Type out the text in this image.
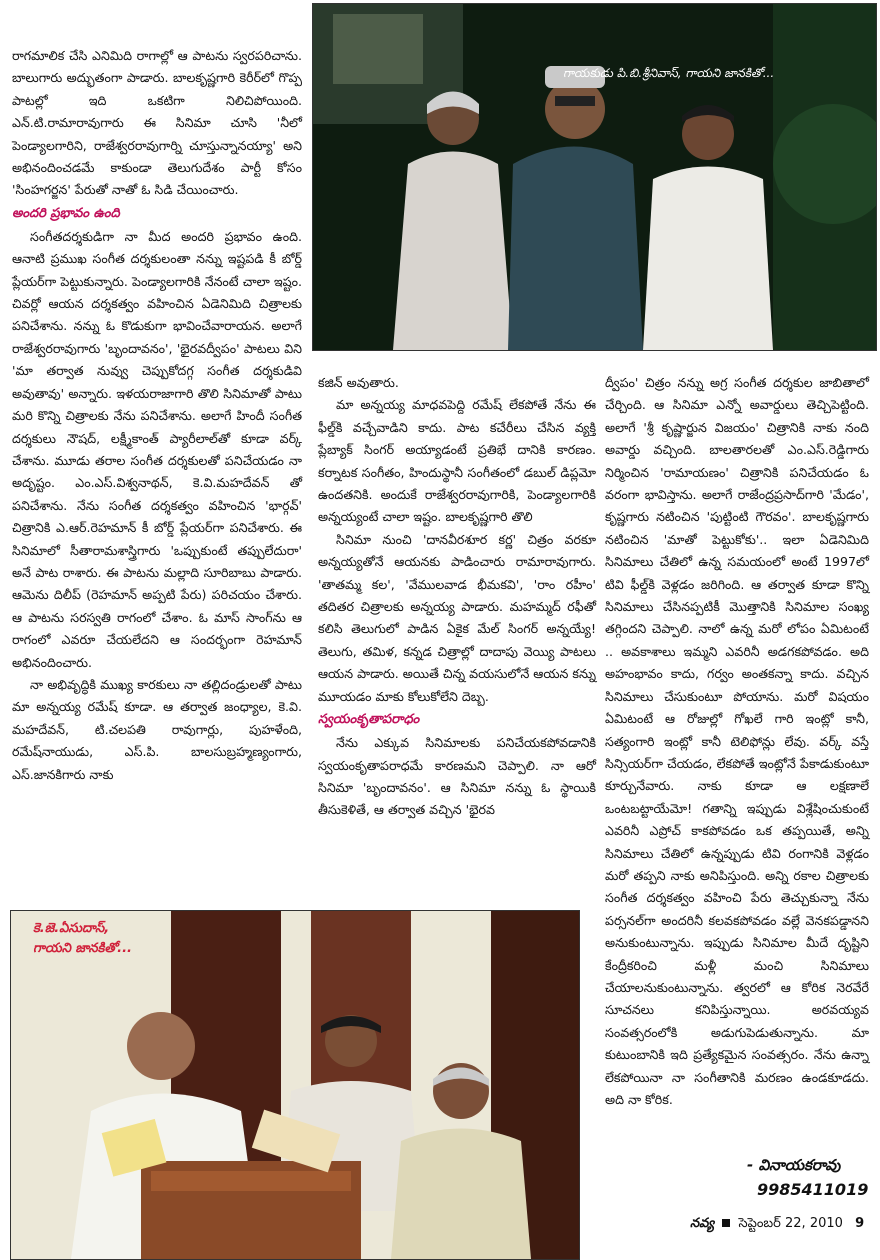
గాయకుడు పి.బి.శ్రీనివాస్, గాయని జానకితో...

రాగమాలిక చేసి ఎనిమిది రాగాల్లో ఆ పాటను స్వరపరిచాను. బాలుగారు అద్భుతంగా పాడారు. బాలకృష్ణగారి కెరీర్‌లో గొప్ప పాటల్లో ఇది ఒకటిగా నిలిచిపోయింది. ఎన్.టి.రామారావుగారు ఈ సినిమా చూసి 'నీలో పెండ్యాలగారిని, రాజేశ్వరరావుగార్ని చూస్తున్నానయ్యా' అని అభినందించడమే కాకుండా తెలుగుదేశం పార్టీ కోసం 'సింహగర్జన' పేరుతో నాతో ఓ సిడి చేయించారు.

అందరి ప్రభావం ఉంది

సంగీతదర్శకుడిగా నా మీద అందరి ప్రభావం ఉంది. ఆనాటి ప్రముఖ సంగీత దర్శకులంతా నన్ను ఇష్టపడి కీ బోర్డ్ ప్లేయర్‌గా పెట్టుకున్నారు. పెండ్యాలగారికి నేనంటే చాలా ఇష్టం. చివర్లో ఆయన దర్శకత్వం వహించిన ఏడెనిమిది చిత్రాలకు పనిచేశాను. నన్ను ఓ కొడుకుగా భావించేవారాయన. అలాగే రాజేశ్వరరావుగారు 'బృందావనం', 'భైరవద్వీపం' పాటలు విని 'మా తర్వాత నువ్వు చెప్పుకోదగ్గ సంగీత దర్శకుడివి అవుతావు' అన్నారు. ఇళయరాజాగారి తొలి సినిమాతో పాటు మరి కొన్ని చిత్రాలకు నేను పనిచేశాను. అలాగే హిందీ సంగీత దర్శకులు నౌషద్, లక్ష్మీకాంత్ ప్యారీలాల్‌తో కూడా వర్క్ చేశాను. మూడు తరాల సంగీత దర్శకులతో పనిచేయడం నా అదృష్టం. ఎం.ఎస్.విశ్వనాథన్, కె.వి.మహదేవన్ తో పనిచేశాను. నేను సంగీత దర్శకత్వం వహించిన 'భార్గవ్' చిత్రానికి ఎ.ఆర్.రెహమాన్ కీ బోర్డ్ ప్లేయర్‌గా పనిచేశారు. ఈ సినిమాలో సీతారామశాస్త్రిగారు 'ఒప్పుకుంటే తప్పులేదురా' అనే పాట రాశారు. ఈ పాటను మల్లాది సూరిబాబు పాడారు. ఆమెను దిలీప్ (రెహమాన్ అప్పటి పేరు) పరిచయం చేశారు. ఆ పాటను సరస్వతి రాగంలో చేశాం. ఓ మాస్ సాంగ్‌ను ఆ రాగంలో ఎవరూ చేయలేదని ఆ సందర్భంగా రెహమాన్ అభినందించారు.

నా అభివృద్ధికి ముఖ్య కారకులు నా తల్లిదండ్రులతో పాటు మా అన్నయ్య రమేష్ కూడా. ఆ తర్వాత జంధ్యాల, కె.వి. మహదేవన్, టి.చలపతి రావుగార్లు, పుహళేంది, రమేష్‌నాయుడు, ఎస్.పి. బాలసుబ్రహ్మణ్యంగారు, ఎస్.జానకిగారు నాకు

కజిన్ అవుతారు.

మా అన్నయ్య మాధవపెద్ది రమేష్ లేకపోతే నేను ఈ ఫీల్డ్‌కి వచ్చేవాడిని కాదు. పాట కచేరీలు చేసిన వ్యక్తి ప్లేబ్యాక్ సింగర్ అయ్యాడంటే ప్రతిభే దానికి కారణం. కర్నాటక సంగీతం, హిందుస్థానీ సంగీతంలో డబుల్ డిప్లమో ఉందతనికి. అందుకే రాజేశ్వరరావుగారికి, పెండ్యాలగారికి అన్నయ్యంటే చాలా ఇష్టం. బాలకృష్ణగారి తొలి

సినిమా నుంచి 'దానవీరశూర కర్ణ' చిత్రం వరకూ అన్నయ్యతోనే ఆయనకు పాడించారు రామారావుగారు. 'తాతమ్మ కల', 'వేములవాడ భీమకవి', 'రాం రహీం' తదితర చిత్రాలకు అన్నయ్య పాడారు. మహమ్మద్ రఫీతో కలిసి తెలుగులో పాడిన ఏకైక మేల్ సింగర్ అన్నయ్యే! తెలుగు, తమిళ, కన్నడ చిత్రాల్లో దాదాపు వెయ్యి పాటలు ఆయన పాడారు. అయితే చిన్న వయసులోనే ఆయన కన్ను మూయడం మాకు కోలుకోలేని దెబ్బ.

స్వయంకృతాపరాధం

నేను ఎక్కువ సినిమాలకు పనిచేయకపోవడానికి స్వయంకృతాపరాధమే కారణమని చెప్పాలి. నా ఆరో సినిమా 'బృందావనం'. ఆ సినిమా నన్ను ఓ స్థాయికి తీసుకెళితే, ఆ తర్వాత వచ్చిన 'భైరవ

ద్వీపం' చిత్రం నన్ను అగ్ర సంగీత దర్శకుల జాబితాలో చేర్చింది. ఆ సినిమా ఎన్నో అవార్డులు తెచ్చిపెట్టింది. అలాగే 'శ్రీ కృష్ణార్జున విజయం' చిత్రానికి నాకు నంది అవార్డు వచ్చింది. బాలతారలతో ఎం.ఎస్.రెడ్డిగారు నిర్మించిన 'రామాయణం' చిత్రానికి పనిచేయడం ఓ వరంగా భావిస్తాను. అలాగే రాజేంద్రప్రసాద్‌గారి 'మేడం', కృష్ణగారు నటించిన 'పుట్టింటి గౌరవం'. బాలకృష్ణగారు నటించిన 'మాతో పెట్టుకోకు'.. ఇలా ఏడెనిమిది సినిమాలు చేతిలో ఉన్న సమయంలో అంటే 1997లో టివి ఫీల్డ్‌కి వెళ్లడం జరిగింది. ఆ తర్వాత కూడా కొన్ని సినిమాలు చేసినప్పటికీ మొత్తానికి సినిమాల సంఖ్య తగ్గిందని చెప్పాలి. నాలో ఉన్న మరో లోపం ఏమిటంటే .. అవకాశాలు ఇమ్మని ఎవరినీ అడగకపోవడం. అది అహంభావం కాదు, గర్వం అంతకన్నా కాదు. వచ్చిన సినిమాలు చేసుకుంటూ పోయాను. మరో విషయం ఏమిటంటే ఆ రోజుల్లో గోఖలే గారి ఇంట్లో కానీ, సత్యంగారి ఇంట్లో కానీ టెలిఫోన్లు లేవు. వర్క్ వస్తే సిన్సియర్‌గా చేయడం, లేకపోతే ఇంట్లోనే పేకాడుకుంటూ కూర్చునేవారు. నాకు కూడా ఆ లక్షణాలే ఒంటబట్టాయేమో! గతాన్ని ఇప్పుడు విశ్లేషించుకుంటే ఎవరినీ ఎప్రోచ్ కాకపోవడం ఒక తప్పయితే, అన్ని సినిమాలు చేతిలో ఉన్నప్పుడు టివి రంగానికి వెళ్లడం మరో తప్పని నాకు అనిపిస్తుంది. అన్ని రకాల చిత్రాలకు సంగీత దర్శకత్వం వహించి పేరు తెచ్చుకున్నా నేను పర్సనల్‌గా అందరినీ కలవకపోవడం వల్లే వెనకపడ్డానని అనుకుంటున్నాను. ఇప్పుడు సినిమాల మీదే దృష్టిని కేంద్రీకరించి మళ్లీ మంచి సినిమాలు చేయాలనుకుంటున్నాను. త్వరలో ఆ కోరిక నెరవేరే సూచనలు కనిపిస్తున్నాయి. అరవయ్యవ సంవత్సరంలోకి అడుగుపెడుతున్నాను. మా కుటుంబానికి ఇది ప్రత్యేకమైన సంవత్సరం. నేను ఉన్నా లేకపోయినా నా సంగీతానికి మరణం ఉండకూడదు. అది నా కోరిక.

కె.జె.ఏసుదాస్,
గాయని జానకితో...
- వినాయకరావు
9985411019
నవ్య సెప్టెంబర్ 22, 2010 9
